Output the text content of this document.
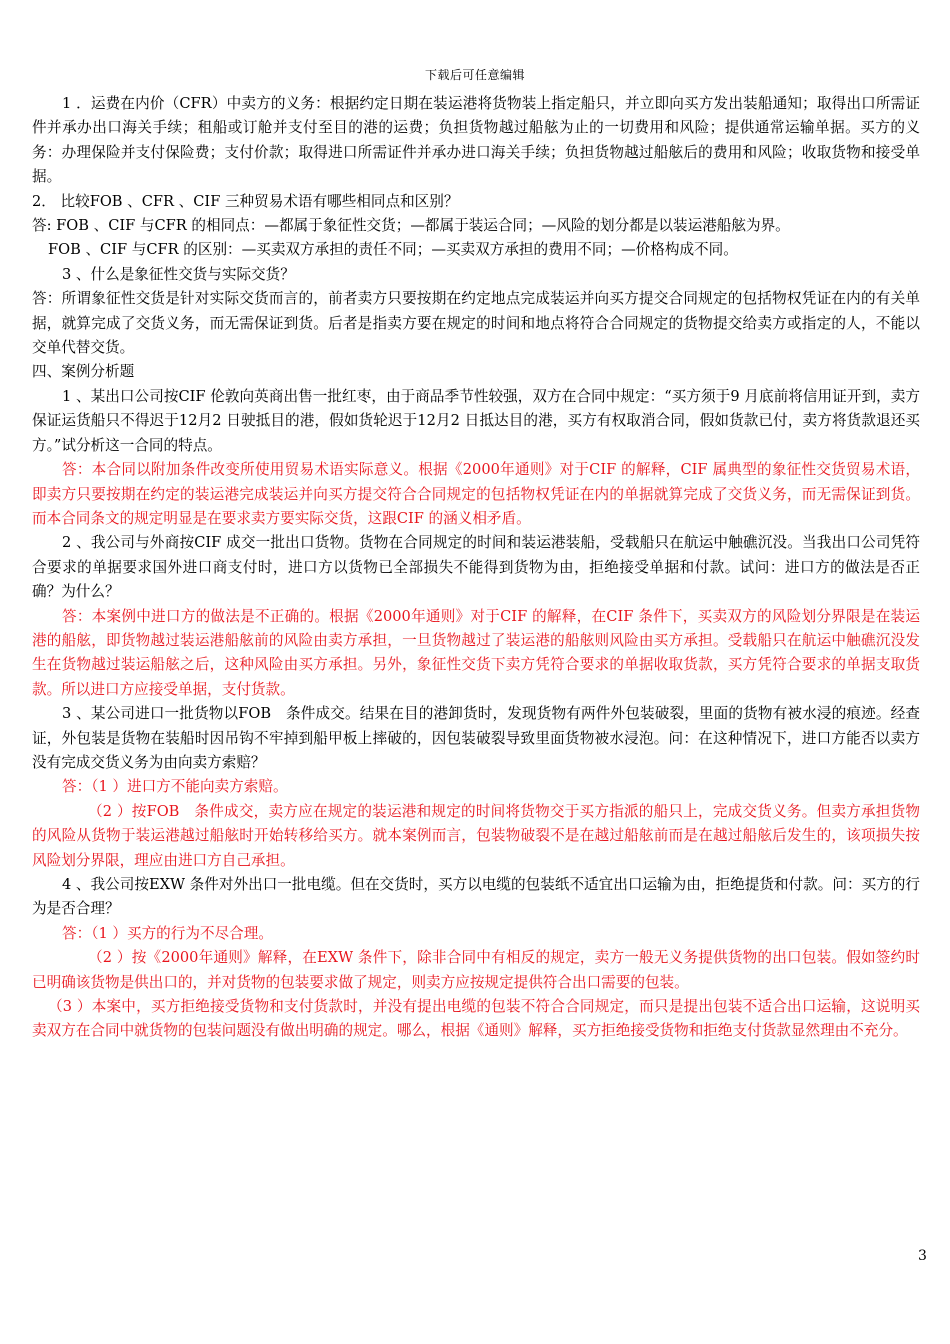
下载后可任意编辑

1 ．运费在内价（CFR）中卖方的义务：根据约定日期在装运港将货物装上指定船只，并立即向买方发出装船通知；取得出口所需证件并承办出口海关手续；租船或订舱并支付至目的港的运费；负担货物越过船舷为止的一切费用和风险；提供通常运输单据。买方的义务：办理保险并支付保险费；支付价款；取得进口所需证件并承办进口海关手续；负担货物越过船舷后的费用和风险；收取货物和接受单据。

2． 比较FOB 、CFR 、CIF 三种贸易术语有哪些相同点和区别？

答: FOB 、CIF 与CFR 的相同点：—都属于象征性交货；—都属于装运合同；—风险的划分都是以装运港船舷为界。

FOB 、CIF 与CFR 的区别：—买卖双方承担的责任不同；—买卖双方承担的费用不同；—价格构成不同。

3 、什么是象征性交货与实际交货？

答：所谓象征性交货是针对实际交货而言的，前者卖方只要按期在约定地点完成装运并向买方提交合同规定的包括物权凭证在内的有关单据，就算完成了交货义务，而无需保证到货。后者是指卖方要在规定的时间和地点将符合合同规定的货物提交给卖方或指定的人，不能以交单代替交货。

四、案例分析题

1 、某出口公司按CIF 伦敦向英商出售一批红枣，由于商品季节性较强，双方在合同中规定：“买方须于9 月底前将信用证开到，卖方保证运货船只不得迟于12月2 日驶抵目的港，假如货轮迟于12月2 日抵达目的港，买方有权取消合同，假如货款已付，卖方将货款退还买方。”试分析这一合同的特点。

答：本合同以附加条件改变所使用贸易术语实际意义。根据《2000年通则》对于CIF 的解释，CIF 属典型的象征性交货贸易术语，即卖方只要按期在约定的装运港完成装运并向买方提交符合合同规定的包括物权凭证在内的单据就算完成了交货义务，而无需保证到货。而本合同条文的规定明显是在要求卖方要实际交货，这跟CIF 的涵义相矛盾。

2 、我公司与外商按CIF 成交一批出口货物。货物在合同规定的时间和装运港装船，受载船只在航运中触礁沉没。当我出口公司凭符合要求的单据要求国外进口商支付时，进口方以货物已全部损失不能得到货物为由，拒绝接受单据和付款。试问：进口方的做法是否正确？为什么？

答：本案例中进口方的做法是不正确的。根据《2000年通则》对于CIF 的解释，在CIF 条件下，买卖双方的风险划分界限是在装运港的船舷，即货物越过装运港船舷前的风险由卖方承担，一旦货物越过了装运港的船舷则风险由买方承担。受载船只在航运中触礁沉没发生在货物越过装运船舷之后，这种风险由买方承担。另外，象征性交货下卖方凭符合要求的单据收取货款，买方凭符合要求的单据支取货款。所以进口方应接受单据，支付货款。

3 、某公司进口一批货物以FOB　条件成交。结果在目的港卸货时，发现货物有两件外包装破裂，里面的货物有被水浸的痕迹。经查证，外包装是货物在装船时因吊钩不牢掉到船甲板上摔破的，因包装破裂导致里面货物被水浸泡。问：在这种情况下，进口方能否以卖方没有完成交货义务为由向卖方索赔？

答：（1 ）进口方不能向卖方索赔。

（2 ）按FOB　条件成交，卖方应在规定的装运港和规定的时间将货物交于买方指派的船只上，完成交货义务。但卖方承担货物的风险从货物于装运港越过船舷时开始转移给买方。就本案例而言，包装物破裂不是在越过船舷前而是在越过船舷后发生的，该项损失按风险划分界限，理应由进口方自己承担。

4 、我公司按EXW 条件对外出口一批电缆。但在交货时，买方以电缆的包装纸不适宜出口运输为由，拒绝提货和付款。问：买方的行为是否合理？

答：（1 ）买方的行为不尽合理。

（2 ）按《2000年通则》解释，在EXW 条件下，除非合同中有相反的规定，卖方一般无义务提供货物的出口包装。假如签约时已明确该货物是供出口的，并对货物的包装要求做了规定，则卖方应按规定提供符合出口需要的包装。

（3 ）本案中，买方拒绝接受货物和支付货款时，并没有提出电缆的包装不符合合同规定，而只是提出包装不适合出口运输，这说明买卖双方在合同中就货物的包装问题没有做出明确的规定。哪么，根据《通则》解释，买方拒绝接受货物和拒绝支付货款显然理由不充分。

3
